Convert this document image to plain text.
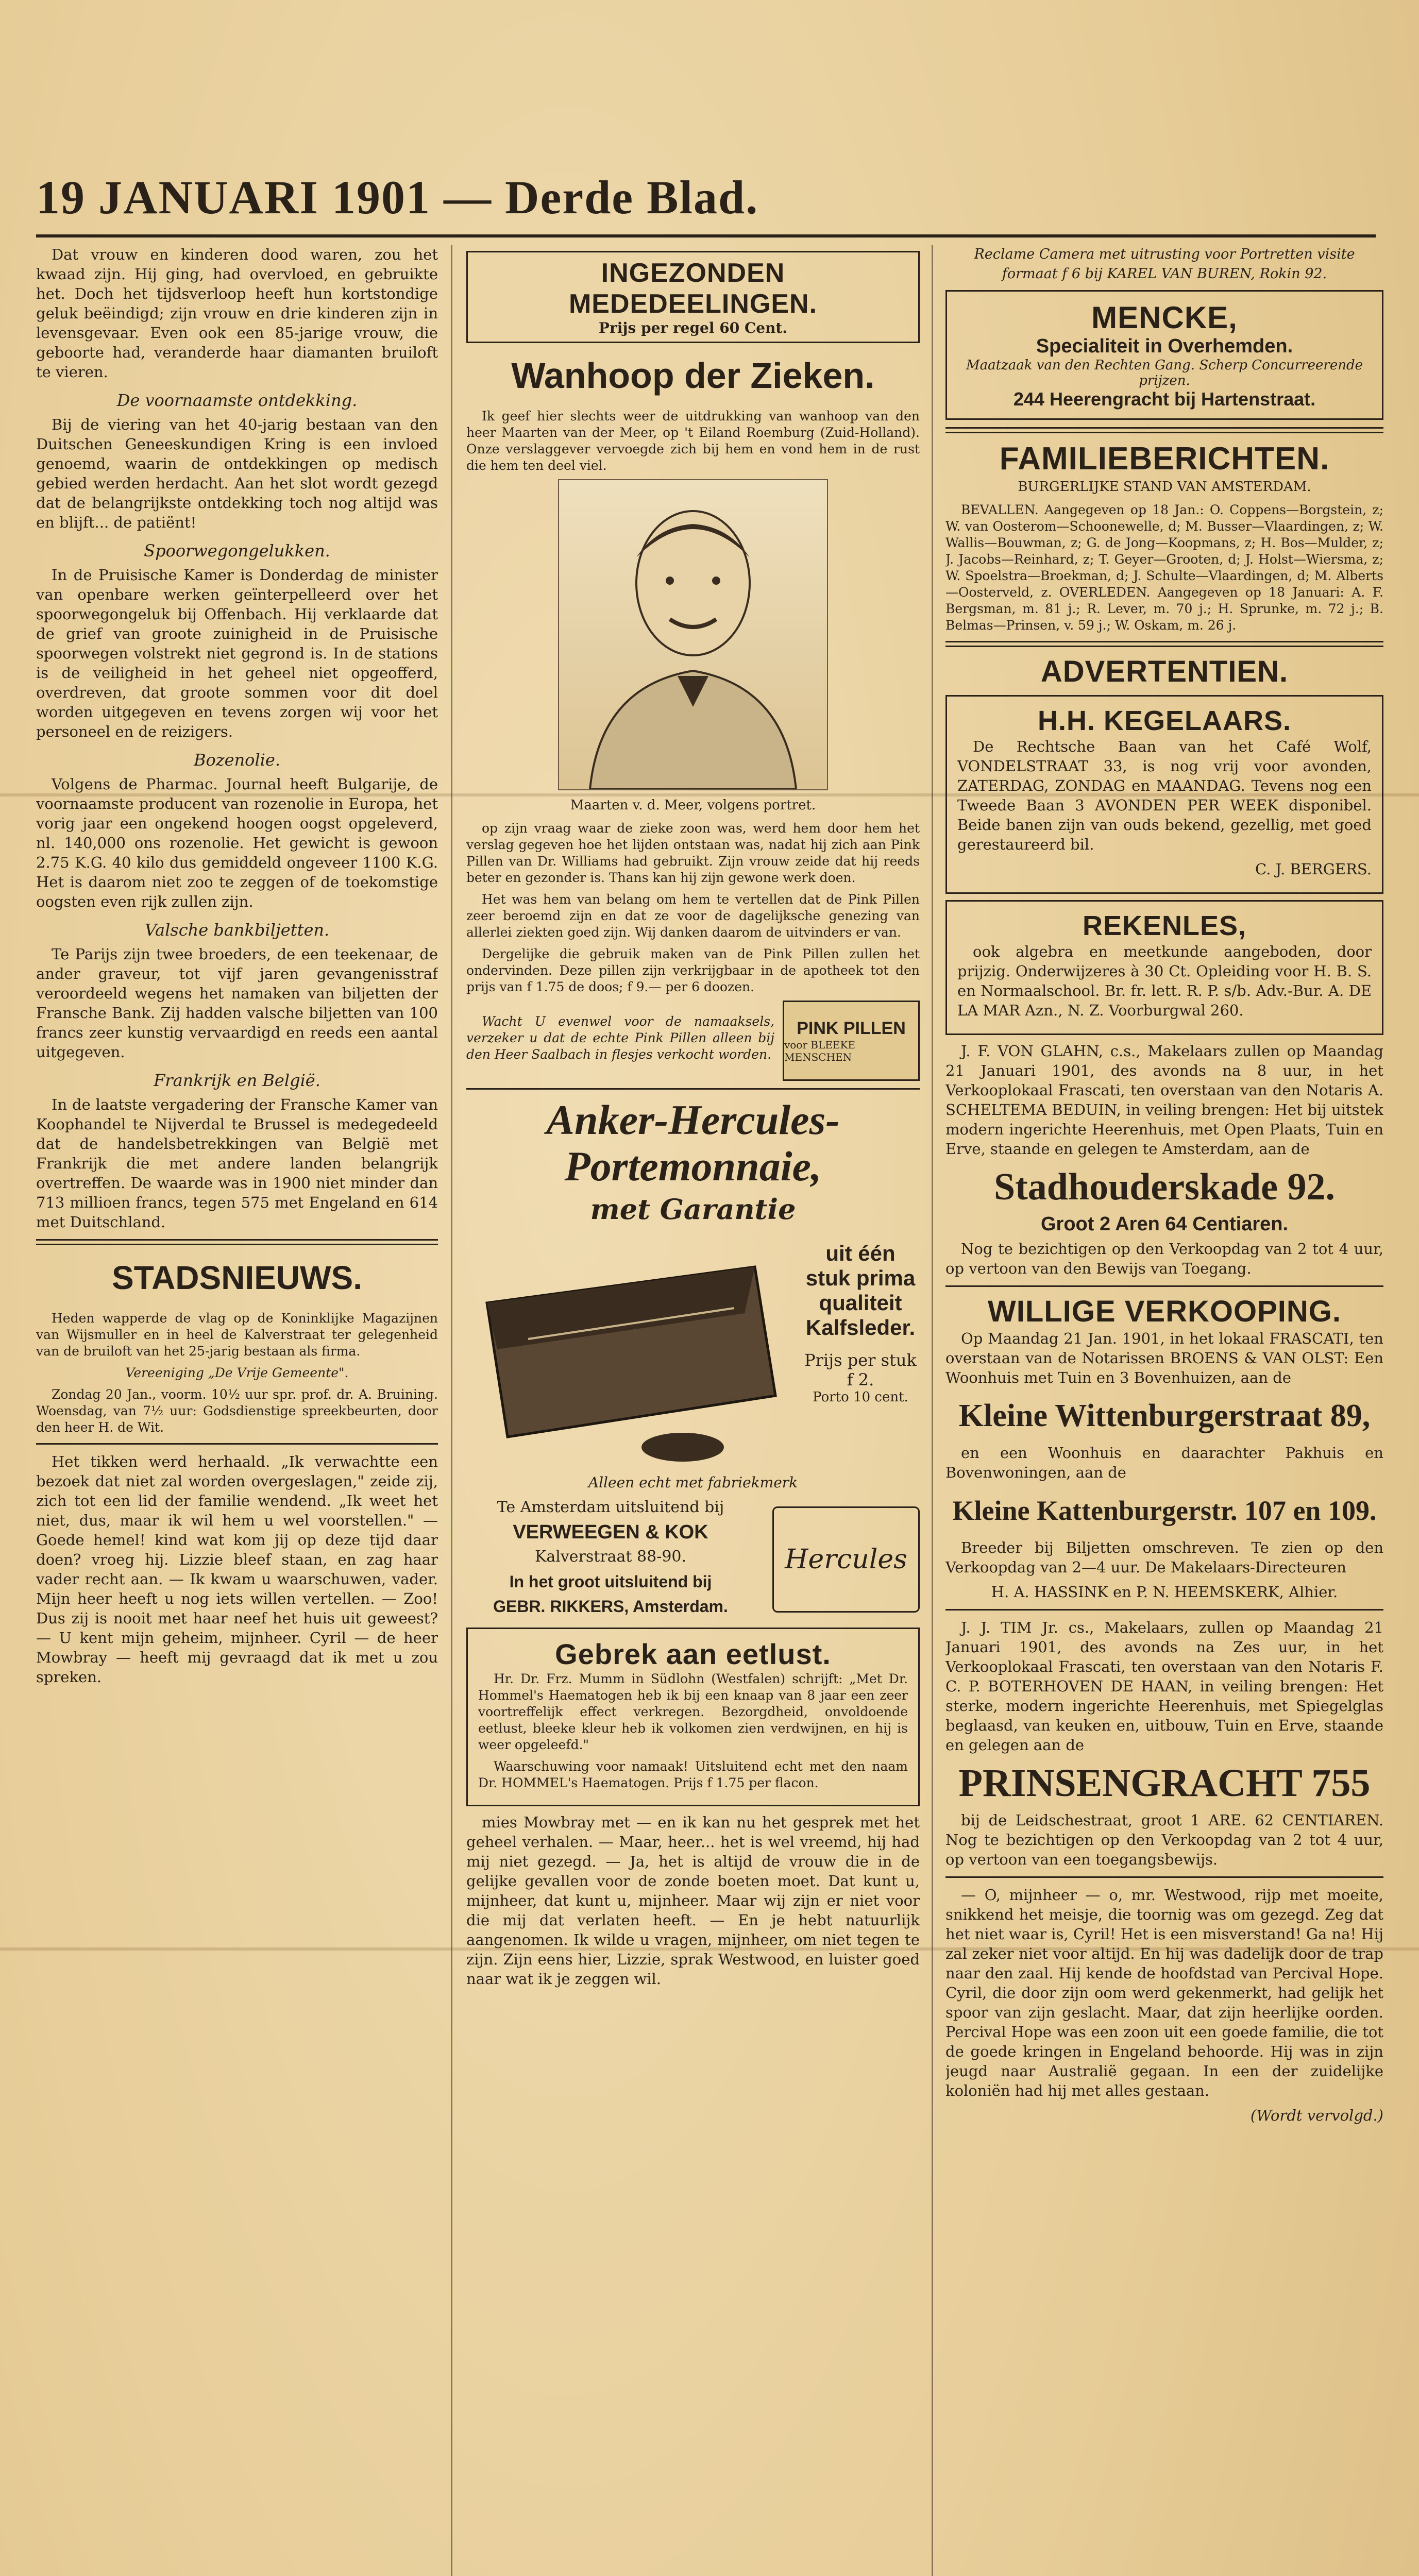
19 JANUARI 1901 — Derde Blad.

Dat vrouw en kinderen dood waren, zou het kwaad zijn. Hij ging, had overvloed, en gebruikte het. Doch het tijdsverloop heeft hun kortstondige geluk beëindigd; zijn vrouw en drie kinderen zijn in levensgevaar. Even ook een 85-jarige vrouw, die geboorte had, veranderde haar diamanten bruiloft te vieren.

De voornaamste ontdekking.

Bij de viering van het 40-jarig bestaan van den Duitschen Geneeskundigen Kring is een invloed genoemd, waarin de ontdekkingen op medisch gebied werden herdacht. Aan het slot wordt gezegd dat de belangrijkste ontdekking toch nog altijd was en blijft... de patiënt!

Spoorwegongelukken.

In de Pruisische Kamer is Donderdag de minister van openbare werken geïnterpelleerd over het spoorwegongeluk bij Offenbach. Hij verklaarde dat de grief van groote zuinigheid in de Pruisische spoorwegen volstrekt niet gegrond is. In de stations is de veiligheid in het geheel niet opgeofferd, overdreven, dat groote sommen voor dit doel worden uitgegeven en tevens zorgen wij voor het personeel en de reizigers.

Bozenolie.

Volgens de Pharmac. Journal heeft Bulgarije, de voornaamste producent van rozenolie in Europa, het vorig jaar een ongekend hoogen oogst opgeleverd, nl. 140,000 ons rozenolie. Het gewicht is gewoon 2.75 K.G. 40 kilo dus gemiddeld ongeveer 1100 K.G. Het is daarom niet zoo te zeggen of de toekomstige oogsten even rijk zullen zijn.

Valsche bankbiljetten.

Te Parijs zijn twee broeders, de een teekenaar, de ander graveur, tot vijf jaren gevangenisstraf veroordeeld wegens het namaken van biljetten der Fransche Bank. Zij hadden valsche biljetten van 100 francs zeer kunstig vervaardigd en reeds een aantal uitgegeven.

Frankrijk en België.

In de laatste vergadering der Fransche Kamer van Koophandel te Nijverdal te Brussel is medegedeeld dat de handelsbetrekkingen van België met Frankrijk die met andere landen belangrijk overtreffen. De waarde was in 1900 niet minder dan 713 millioen francs, tegen 575 met Engeland en 614 met Duitschland.

STADSNIEUWS.

Heden wapperde de vlag op de Koninklijke Magazijnen van Wijsmuller en in heel de Kalverstraat ter gelegenheid van de bruiloft van het 25-jarig bestaan als firma.

Vereeniging „De Vrije Gemeente".

Zondag 20 Jan., voorm. 10½ uur spr. prof. dr. A. Bruining. Woensdag, van 7½ uur: Godsdienstige spreekbeurten, door den heer H. de Wit.

Het tikken werd herhaald. „Ik verwachtte een bezoek dat niet zal worden overgeslagen," zeide zij, zich tot een lid der familie wendend. „Ik weet het niet, dus, maar ik wil hem u wel voorstellen." — Goede hemel! kind wat kom jij op deze tijd daar doen? vroeg hij. Lizzie bleef staan, en zag haar vader recht aan. — Ik kwam u waarschuwen, vader. Mijn heer heeft u nog iets willen vertellen. — Zoo! Dus zij is nooit met haar neef het huis uit geweest? — U kent mijn geheim, mijnheer. Cyril — de heer Mowbray — heeft mij gevraagd dat ik met u zou spreken.

INGEZONDEN MEDEDEELINGEN.
Prijs per regel 60 Cent.
Wanhoop der Zieken.

Ik geef hier slechts weer de uitdrukking van wanhoop van den heer Maarten van der Meer, op 't Eiland Roemburg (Zuid-Holland). Onze verslaggever vervoegde zich bij hem en vond hem in de rust die hem ten deel viel.

Maarten v. d. Meer, volgens portret.

op zijn vraag waar de zieke zoon was, werd hem door hem het verslag gegeven hoe het lijden ontstaan was, nadat hij zich aan Pink Pillen van Dr. Williams had gebruikt. Zijn vrouw zeide dat hij reeds beter en gezonder is. Thans kan hij zijn gewone werk doen.

Het was hem van belang om hem te vertellen dat de Pink Pillen zeer beroemd zijn en dat ze voor de dagelijksche genezing van allerlei ziekten goed zijn. Wij danken daarom de uitvinders er van.

Dergelijke die gebruik maken van de Pink Pillen zullen het ondervinden. Deze pillen zijn verkrijgbaar in de apotheek tot den prijs van f 1.75 de doos; f 9.— per 6 doozen.

Wacht U evenwel voor de namaaksels, verzeker u dat de echte Pink Pillen alleen bij den Heer Saalbach in flesjes verkocht worden.

PINK PILLEN
voor BLEEKE MENSCHEN
Anker-Hercules-Portemonnaie,
met Garantie
uit één stuk prima qualiteit Kalfsleder.
Prijs per stuk f 2.
Porto 10 cent.

Alleen echt met fabriekmerk

Te Amsterdam uitsluitend bij

VERWEEGEN & KOK

Kalverstraat 88-90.

In het groot uitsluitend bij

GEBR. RIKKERS, Amsterdam.

Hercules
Gebrek aan eetlust.

Hr. Dr. Frz. Mumm in Südlohn (Westfalen) schrijft: „Met Dr. Hommel's Haematogen heb ik bij een knaap van 8 jaar een zeer voortreffelijk effect verkregen. Bezorgdheid, onvoldoende eetlust, bleeke kleur heb ik volkomen zien verdwijnen, en hij is weer opgeleefd."

Waarschuwing voor namaak! Uitsluitend echt met den naam Dr. HOMMEL's Haematogen. Prijs f 1.75 per flacon.

mies Mowbray met — en ik kan nu het gesprek met het geheel verhalen. — Maar, heer... het is wel vreemd, hij had mij niet gezegd. — Ja, het is altijd de vrouw die in de gelijke gevallen voor de zonde boeten moet. Dat kunt u, mijnheer, dat kunt u, mijnheer. Maar wij zijn er niet voor die mij dat verlaten heeft. — En je hebt natuurlijk aangenomen. Ik wilde u vragen, mijnheer, om niet tegen te zijn. Zijn eens hier, Lizzie, sprak Westwood, en luister goed naar wat ik je zeggen wil.

Reclame Camera met uitrusting voor Portretten visite formaat f 6 bij KAREL VAN BUREN, Rokin 92.

MENCKE,
Specialiteit in Overhemden.
Maatzaak van den Rechten Gang. Scherp Concurreerende prijzen.
244 Heerengracht bij Hartenstraat.
FAMILIEBERICHTEN.

BURGERLIJKE STAND VAN AMSTERDAM.

BEVALLEN. Aangegeven op 18 Jan.: O. Coppens—Borgstein, z; W. van Oosterom—Schoonewelle, d; M. Busser—Vlaardingen, z; W. Wallis—Bouwman, z; G. de Jong—Koopmans, z; H. Bos—Mulder, z; J. Jacobs—Reinhard, z; T. Geyer—Grooten, d; J. Holst—Wiersma, z; W. Spoelstra—Broekman, d; J. Schulte—Vlaardingen, d; M. Alberts—Oosterveld, z. OVERLEDEN. Aangegeven op 18 Januari: A. F. Bergsman, m. 81 j.; R. Lever, m. 70 j.; H. Sprunke, m. 72 j.; B. Belmas—Prinsen, v. 59 j.; W. Oskam, m. 26 j.

ADVERTENTIEN.
H.H. KEGELAARS.

De Rechtsche Baan van het Café Wolf, VONDELSTRAAT 33, is nog vrij voor avonden, ZATERDAG, ZONDAG en MAANDAG. Tevens nog een Tweede Baan 3 AVONDEN PER WEEK disponibel. Beide banen zijn van ouds bekend, gezellig, met goed gerestaureerd bil.

C. J. BERGERS.

REKENLES,

ook algebra en meetkunde aangeboden, door prijzig. Onderwijzeres à 30 Ct. Opleiding voor H. B. S. en Normaalschool. Br. fr. lett. R. P. s/b. Adv.-Bur. A. DE LA MAR Azn., N. Z. Voorburgwal 260.

J. F. VON GLAHN, c.s., Makelaars zullen op Maandag 21 Januari 1901, des avonds na 8 uur, in het Verkooplokaal Frascati, ten overstaan van den Notaris A. SCHELTEMA BEDUIN, in veiling brengen: Het bij uitstek modern ingerichte Heerenhuis, met Open Plaats, Tuin en Erve, staande en gelegen te Amsterdam, aan de

Stadhouderskade 92.

Groot 2 Aren 64 Centiaren.

Nog te bezichtigen op den Verkoopdag van 2 tot 4 uur, op vertoon van den Bewijs van Toegang.

WILLIGE VERKOOPING.

Op Maandag 21 Jan. 1901, in het lokaal FRASCATI, ten overstaan van de Notarissen BROENS & VAN OLST: Een Woonhuis met Tuin en 3 Bovenhuizen, aan de

Kleine Wittenburgerstraat 89,

en een Woonhuis en daarachter Pakhuis en Bovenwoningen, aan de

Kleine Kattenburgerstr. 107 en 109.

Breeder bij Biljetten omschreven. Te zien op den Verkoopdag van 2—4 uur. De Makelaars-Directeuren

H. A. HASSINK en P. N. HEEMSKERK, Alhier.

J. J. TIM Jr. cs., Makelaars, zullen op Maandag 21 Januari 1901, des avonds na Zes uur, in het Verkooplokaal Frascati, ten overstaan van den Notaris F. C. P. BOTERHOVEN DE HAAN, in veiling brengen: Het sterke, modern ingerichte Heerenhuis, met Spiegelglas beglaasd, van keuken en, uitbouw, Tuin en Erve, staande en gelegen aan de

PRINSENGRACHT 755

bij de Leidschestraat, groot 1 ARE. 62 CENTIAREN. Nog te bezichtigen op den Verkoopdag van 2 tot 4 uur, op vertoon van een toegangsbewijs.

— O, mijnheer — o, mr. Westwood, rijp met moeite, snikkend het meisje, die toornig was om gezegd. Zeg dat het niet waar is, Cyril! Het is een misverstand! Ga na! Hij zal zeker niet voor altijd. En hij was dadelijk door de trap naar den zaal. Hij kende de hoofdstad van Percival Hope. Cyril, die door zijn oom werd gekenmerkt, had gelijk het spoor van zijn geslacht. Maar, dat zijn heerlijke oorden. Percival Hope was een zoon uit een goede familie, die tot de goede kringen in Engeland behoorde. Hij was in zijn jeugd naar Australië gegaan. In een der zuidelijke koloniën had hij met alles gestaan.

(Wordt vervolgd.)
